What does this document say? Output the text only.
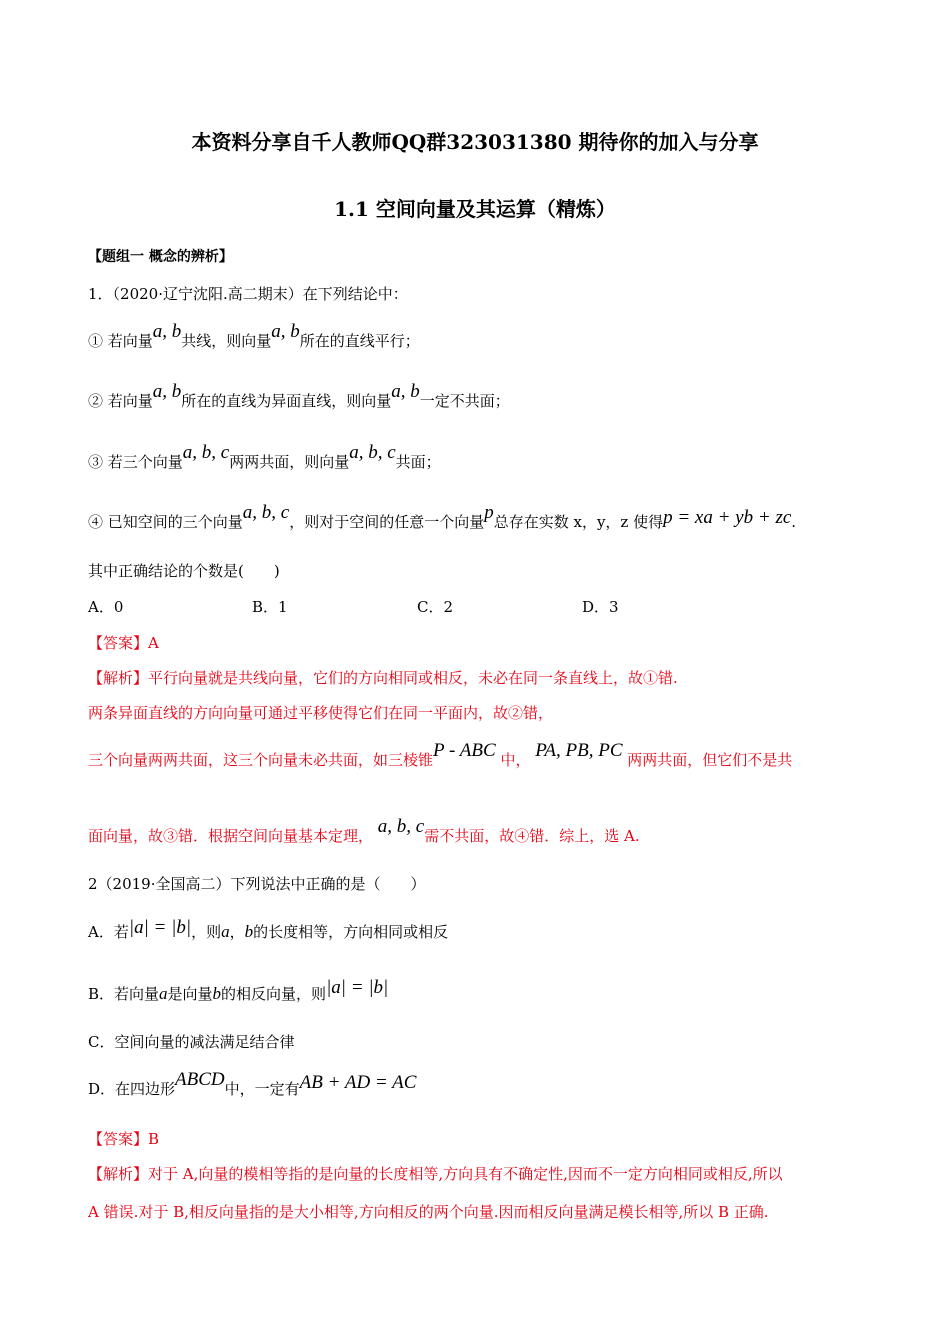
本资料分享自千人教师QQ群323031380 期待你的加入与分享
1.1 空间向量及其运算（精炼）
【题组一 概念的辨析】
1．（2020·辽宁沈阳.高二期末）在下列结论中：
① 若向量a, b共线，则向量a, b所在的直线平行；
② 若向量a, b所在的直线为异面直线，则向量a, b一定不共面；
③ 若三个向量a, b, c两两共面，则向量a, b, c共面；
④ 已知空间的三个向量a, b, c，则对于空间的任意一个向量p总存在实数 x，y，z 使得p = xa + yb + zc.
其中正确结论的个数是(　　)
A．0	B．1	C．2	D．3
【答案】A
【解析】平行向量就是共线向量，它们的方向相同或相反，未必在同一条直线上，故①错.
两条异面直线的方向向量可通过平移使得它们在同一平面内，故②错，
三个向量两两共面，这三个向量未必共面，如三棱锥P - ABC 中， PA, PB, PC 两两共面，但它们不是共
面向量，故③错．根据空间向量基本定理， a, b, c需不共面，故④错．综上，选 A.
2（2019·全国高二）下列说法中正确的是（　　）
A．若|a| = |b|，则a，b的长度相等，方向相同或相反
B．若向量a是向量b的相反向量，则|a| = |b|
C．空间向量的减法满足结合律
D．在四边形ABCD中，一定有AB + AD = AC
【答案】B
【解析】对于 A,向量的模相等指的是向量的长度相等,方向具有不确定性,因而不一定方向相同或相反,所以
A 错误.对于 B,相反向量指的是大小相等,方向相反的两个向量.因而相反向量满足模长相等,所以 B 正确.
